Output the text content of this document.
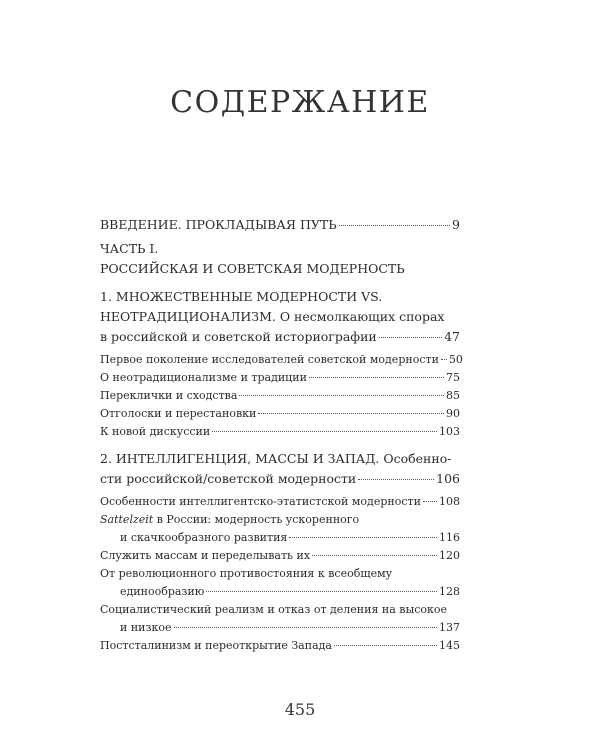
СОДЕРЖАНИЕ
ВВЕДЕНИЕ. ПРОКЛАДЫВАЯ ПУТЬ	9
ЧАСТЬ I.
РОССИЙСКАЯ И СОВЕТСКАЯ МОДЕРНОСТЬ
1. МНОЖЕСТВЕННЫЕ МОДЕРНОСТИ VS.
НЕОТРАДИЦИОНАЛИЗМ. О несмолкающих спорах
в российской и советской историографии	47
Первое поколение исследователей советской модерности 50
О неотрадиционализме и традиции	75
Переклички и сходства	85
Отголоски и перестановки	90
К новой дискуссии	103
2. ИНТЕЛЛИГЕНЦИЯ, МАССЫ И ЗАПАД. Особенно-
сти российской/советской модерности	106
Особенности интеллигентско-этатистской модерности 108
Sattelzeit в России: модерность ускоренного
и скачкообразного развития	116
Служить массам и переделывать их	120
От революционного противостояния к всеобщему
единообразию	128
Социалистический реализм и отказ от деления на высокое
и низкое	137
Постсталинизм и переоткрытие Запада	145
455
